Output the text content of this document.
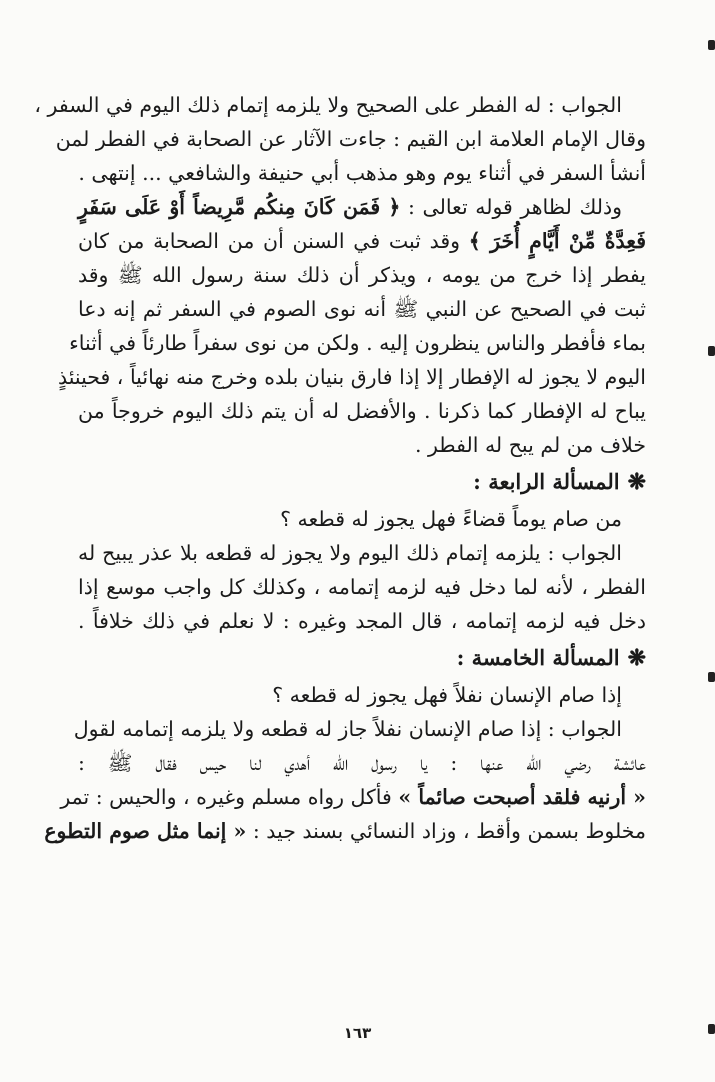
الجواب : له الفطر على الصحيح ولا يلزمه إتمام ذلك اليوم في السفر ،
وقال الإمام العلامة ابن القيم : جاءت الآثار عن الصحابة في الفطر لمن
أنشأ السفر في أثناء يوم وهو مذهب أبي حنيفة والشافعي ... إنتهى .
وذلك لظاهر قوله تعالى : ﴿ فَمَن كَانَ مِنكُم مَّرِيضاً أَوْ عَلَى سَفَرٍ
فَعِدَّةٌ مِّنْ أَيَّامٍ أُخَرَ ﴾ وقد ثبت في السنن أن من الصحابة من كان
يفطر إذا خرج من يومه ، ويذكر أن ذلك سنة رسول الله ﷺ وقد
ثبت في الصحيح عن النبي ﷺ أنه نوى الصوم في السفر ثم إنه دعا
بماء فأفطر والناس ينظرون إليه . ولكن من نوى سفراً طارئاً في أثناء
اليوم لا يجوز له الإفطار إلا إذا فارق بنيان بلده وخرج منه نهائياً ، فحينئذٍ
يباح له الإفطار كما ذكرنا . والأفضل له أن يتم ذلك اليوم خروجاً من
خلاف من لم يبح له الفطر .
❋المسألة الرابعة :
من صام يوماً قضاءً فهل يجوز له قطعه ؟
الجواب : يلزمه إتمام ذلك اليوم ولا يجوز له قطعه بلا عذر يبيح له
الفطر ، لأنه لما دخل فيه لزمه إتمامه ، وكذلك كل واجب موسع إذا
دخل فيه لزمه إتمامه ، قال المجد وغيره : لا نعلم في ذلك خلافاً .
❋المسألة الخامسة :
إذا صام الإنسان نفلاً فهل يجوز له قطعه ؟
الجواب : إذا صام الإنسان نفلاً جاز له قطعه ولا يلزمه إتمامه لقول
عائشة رضي الله عنها : يا رسول الله أهدي لنا حيس فقال ﷺ :
« أرنيه فلقد أصبحت صائماً » فأكل رواه مسلم وغيره ، والحيس : تمر
مخلوط بسمن وأقط ، وزاد النسائي بسند جيد : « إنما مثل صوم التطوع
١٦٣
